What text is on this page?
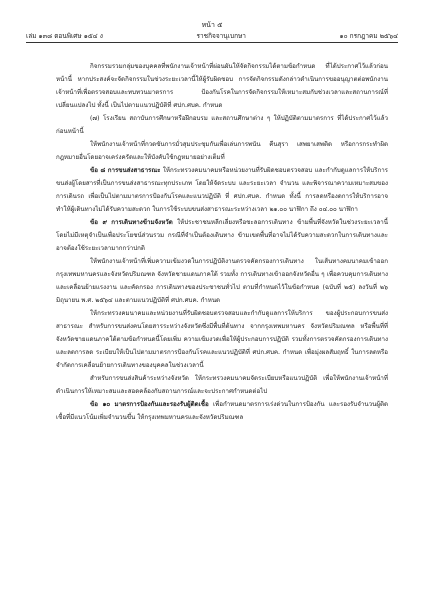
หน้า ๕
เล่ม ๑๓๘ ตอนพิเศษ ๑๕๔ ง	ราชกิจจานุเบกษา	๑๐ กรกฎาคม ๒๕๖๔

กิจกรรมรวมกลุ่มของบุคคลที่พนักงานเจ้าหน้าที่ผ่อนผันให้จัดกิจกรรมได้ตามข้อกำหนด ที่ได้ประกาศไว้แล้วก่อนหน้านี้ หากประสงค์จะจัดกิจกรรมในช่วงระยะเวลานี้ให้ผู้รับผิดชอบ การจัดกิจกรรมดังกล่าวดำเนินการขออนุญาตต่อพนักงานเจ้าหน้าที่เพื่อตรวจสอบและทบทวนมาตรการ ป้องกันโรคในการจัดกิจกรรมให้เหมาะสมกับช่วงเวลาและสถานการณ์ที่เปลี่ยนแปลงไป ทั้งนี้ เป็นไปตามแนวปฏิบัติที่ ศปก.ศบค. กำหนด

(๗) โรงเรียน สถาบันการศึกษาหรือฝึกอบรม และสถานศึกษาต่าง ๆ ให้ปฏิบัติตามมาตรการ ที่ได้ประกาศไว้แล้วก่อนหน้านี้

ให้พนักงานเจ้าหน้าที่กวดขันการมั่วสุมประชุมกันเพื่อเล่นการพนัน คืนสุรา เสพยาเสพติด หรือการกระทำผิดกฎหมายอื่นโดยอาจเคร่งครัดและให้บังคับใช้กฎหมายอย่างเต็มที่

ข้อ ๘ การขนส่งสาธารณะ ให้กระทรวงคมนาคมหรือหน่วยงานที่รับผิดชอบตรวจสอบ และกำกับดูแลการให้บริการขนส่งผู้โดยสารที่เป็นการขนส่งสาธารณะทุกประเภท โดยให้จัดระบบ และระยะเวลา จำนวน และพิจารณาความเหมาะสมของการเดินรถ เพื่อเป็นไปตามมาตรการป้องกันโรคและแนวปฏิบัติ ที่ ศปก.ศบค. กำหนด ทั้งนี้ การลดหรืองดการให้บริการอาจทำให้ผู้เดินทางไม่ได้รับความสะดวก ในการใช้ระบบขนส่งสาธารณะระหว่างเวลา ๒๑.๐๐ นาฬิกา ถึง ๐๔.๐๐ นาฬิกา

ข้อ ๙ การเดินทางข้ามจังหวัด ให้ประชาชนหลีกเลี่ยงหรือชะลอการเดินทาง ข้ามพื้นที่จังหวัดในช่วงระยะเวลานี้โดยไม่มีเหตุจำเป็นเพื่อประโยชน์ส่วนรวม กรณีที่จำเป็นต้องเดินทาง ข้ามเขตพื้นที่อาจไม่ได้รับความสะดวกในการเดินทางและอาจต้องใช้ระยะเวลามากกว่าปกติ

ให้พนักงานเจ้าหน้าที่เพิ่มความเข้มงวดในการปฏิบัติงานตรวจคัดกรองการเดินทาง ในเส้นทางคมนาคมเข้าออกกรุงเทพมหานครและจังหวัดปริมณฑล จังหวัดชายแดนภาคใต้ รวมทั้ง การเดินทางเข้าออกจังหวัดอื่น ๆ เพื่อควบคุมการเดินทางและเคลื่อนย้ายแรงงาน และคัดกรอง การเดินทางของประชาชนทั่วไป ตามที่กำหนดไว้ในข้อกำหนด (ฉบับที่ ๒๕) ลงวันที่ ๒๖ มิถุนายน พ.ศ. ๒๕๖๔ และตามแนวปฏิบัติที่ ศปก.ศบค. กำหนด

ให้กระทรวงคมนาคมและหน่วยงานที่รับผิดชอบตรวจสอบและกำกับดูแลการให้บริการ ของผู้ประกอบการขนส่งสาธารณะ สำหรับการขนส่งคนโดยสารระหว่างจังหวัดซึ่งมีพื้นที่ต้นทาง จากกรุงเทพมหานคร จังหวัดปริมณฑล หรือพื้นที่ที่จังหวัดชายแดนภาคใต้ตามข้อกำหนดนี้โดยเพิ่ม ความเข้มงวดเพื่อให้ผู้ประกอบการปฏิบัติ รวมทั้งการตรวจคัดกรองการเดินทาง และลดการลด ระเบียบให้เป็นไปตามมาตรการป้องกันโรคและแนวปฏิบัติที่ ศปก.ศบค. กำหนด เพื่อมุ่งผลสัมฤทธิ์ ในการลดหรือจำกัดการเคลื่อนย้ายการเดินทางของบุคคลในช่วงเวลานี้

สำหรับการขนส่งสินค้าระหว่างจังหวัด ให้กระทรวงคมนาคมจัดระเบียบหรือแนวปฏิบัติ เพื่อให้พนักงานเจ้าหน้าที่ดำเนินการให้เหมาะสมและสอดคล้องกับสถานการณ์และจะประกาศกำหนดต่อไป

ข้อ ๑๐ มาตรการป้องกันและรองรับผู้ติดเชื้อ เพื่อกำหนดมาตรการเร่งด่วนในการป้องกัน และรองรับจำนวนผู้ติดเชื้อที่มีแนวโน้มเพิ่มจำนวนขึ้น ให้กรุงเทพมหานครและจังหวัดปริมณฑล
